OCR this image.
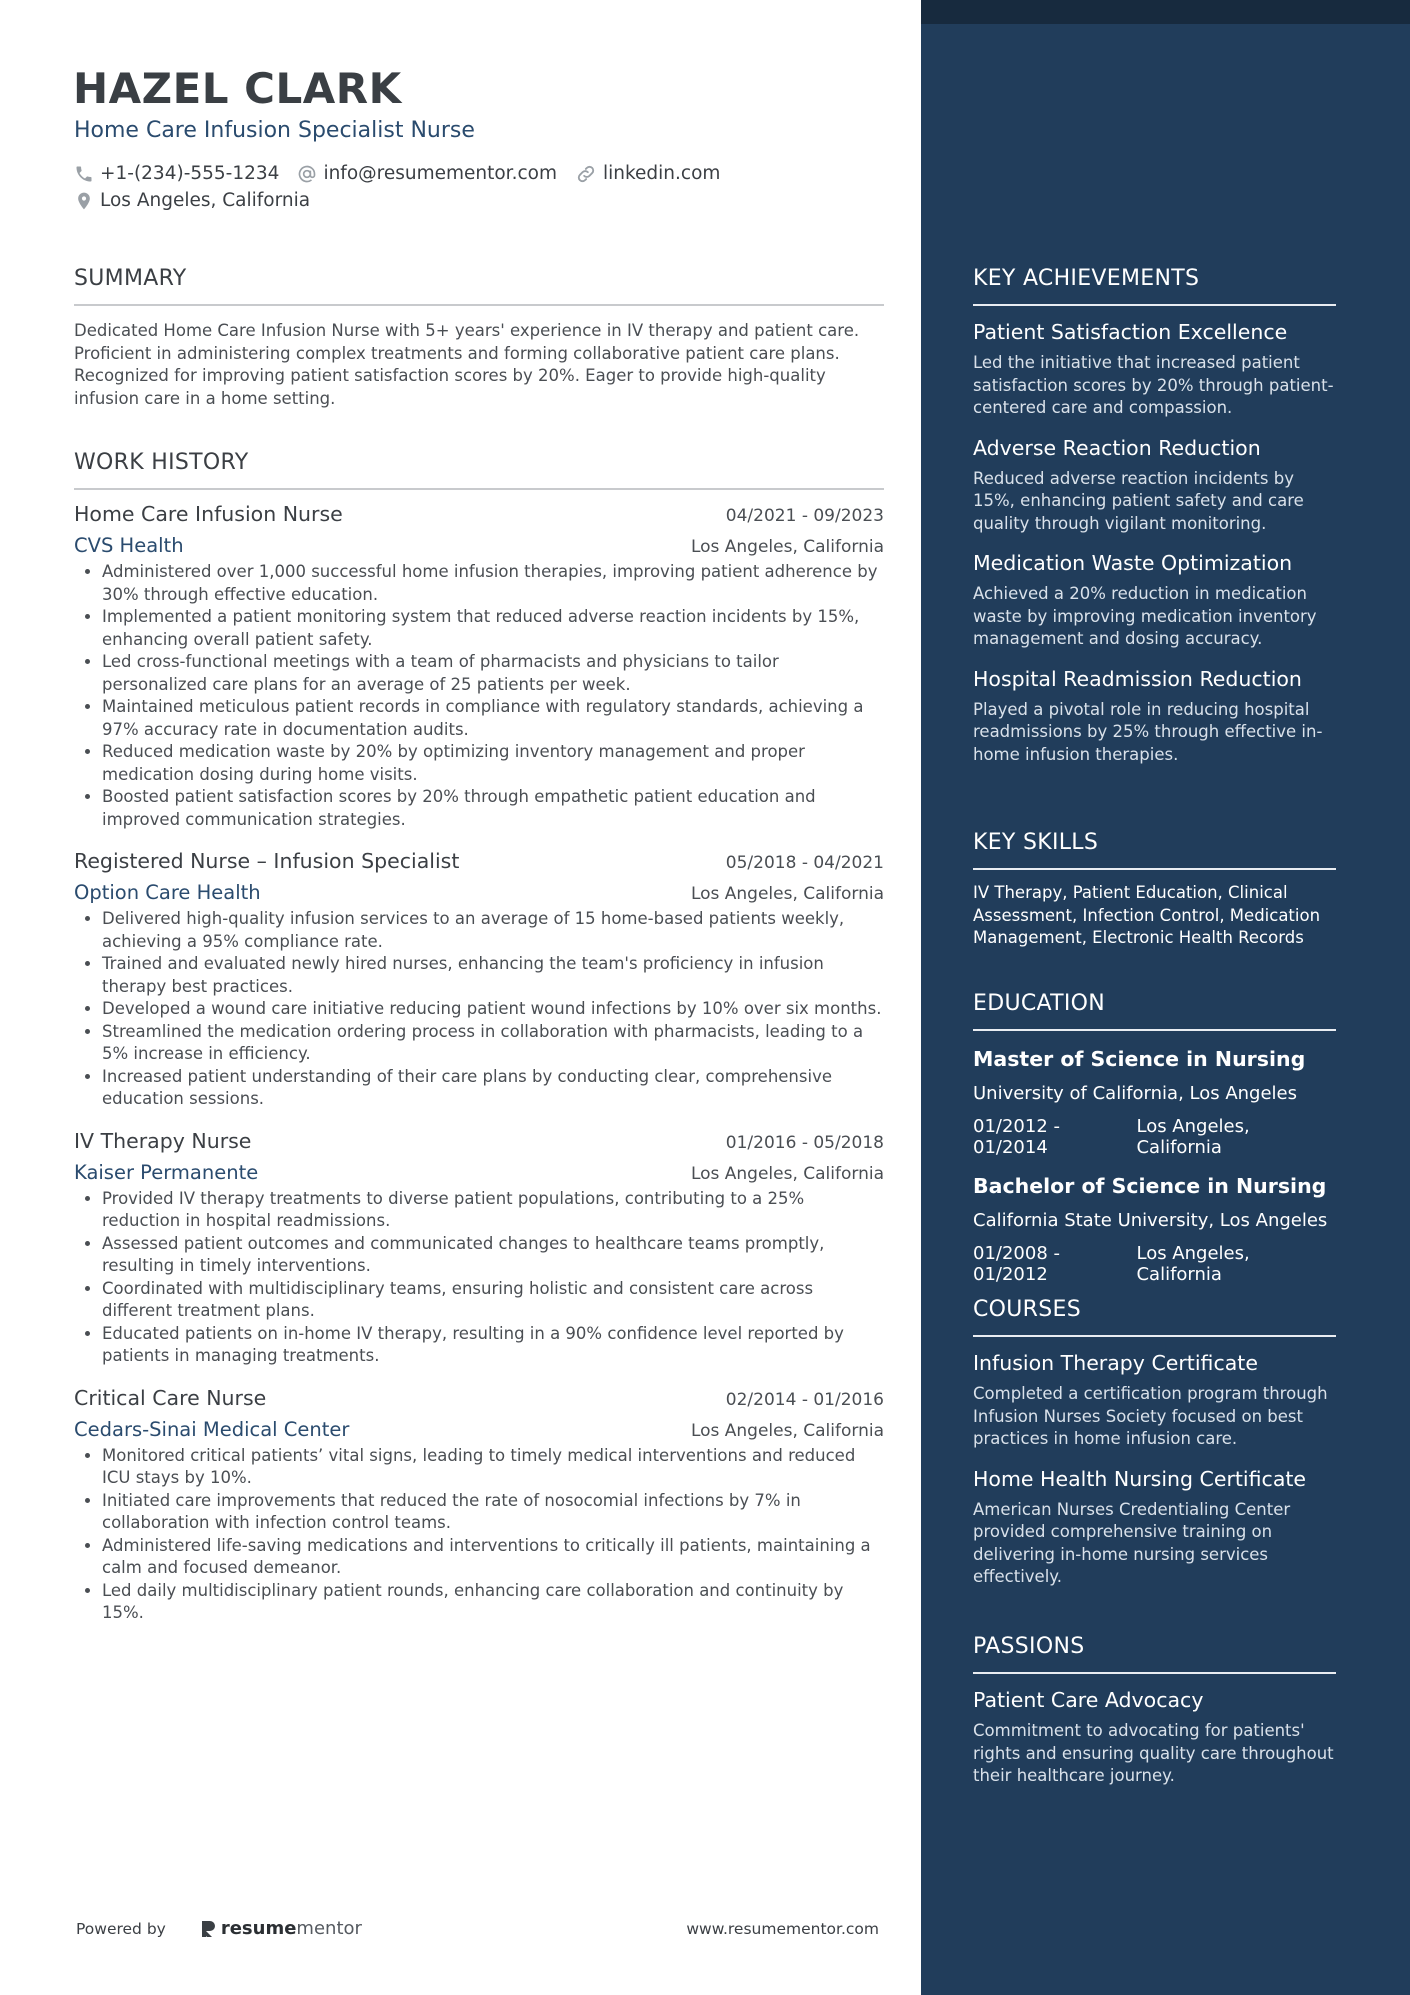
HAZEL CLARK
Home Care Infusion Specialist Nurse
+1-(234)-555-1234 info@resumementor.com linkedin.com
Los Angeles, California
SUMMARY

Dedicated Home Care Infusion Nurse with 5+ years' experience in IV therapy and patient care. Proficient in administering complex treatments and forming collaborative patient care plans. Recognized for improving patient satisfaction scores by 20%. Eager to provide high-quality infusion care in a home setting.

WORK HISTORY
Home Care Infusion Nurse	04/2021 - 09/2023
CVS Health	Los Angeles, California
• Administered over 1,000 successful home infusion therapies, improving patient adherence by 30% through effective education.
• Implemented a patient monitoring system that reduced adverse reaction incidents by 15%, enhancing overall patient safety.
• Led cross-functional meetings with a team of pharmacists and physicians to tailor personalized care plans for an average of 25 patients per week.
• Maintained meticulous patient records in compliance with regulatory standards, achieving a 97% accuracy rate in documentation audits.
• Reduced medication waste by 20% by optimizing inventory management and proper medication dosing during home visits.
• Boosted patient satisfaction scores by 20% through empathetic patient education and improved communication strategies.
Registered Nurse – Infusion Specialist	05/2018 - 04/2021
Option Care Health	Los Angeles, California
• Delivered high-quality infusion services to an average of 15 home-based patients weekly, achieving a 95% compliance rate.
• Trained and evaluated newly hired nurses, enhancing the team's proficiency in infusion therapy best practices.
• Developed a wound care initiative reducing patient wound infections by 10% over six months.
• Streamlined the medication ordering process in collaboration with pharmacists, leading to a 5% increase in efficiency.
• Increased patient understanding of their care plans by conducting clear, comprehensive education sessions.
IV Therapy Nurse	01/2016 - 05/2018
Kaiser Permanente	Los Angeles, California
• Provided IV therapy treatments to diverse patient populations, contributing to a 25% reduction in hospital readmissions.
• Assessed patient outcomes and communicated changes to healthcare teams promptly, resulting in timely interventions.
• Coordinated with multidisciplinary teams, ensuring holistic and consistent care across different treatment plans.
• Educated patients on in-home IV therapy, resulting in a 90% confidence level reported by patients in managing treatments.
Critical Care Nurse	02/2014 - 01/2016
Cedars-Sinai Medical Center	Los Angeles, California
• Monitored critical patients’ vital signs, leading to timely medical interventions and reduced ICU stays by 10%.
• Initiated care improvements that reduced the rate of nosocomial infections by 7% in collaboration with infection control teams.
• Administered life-saving medications and interventions to critically ill patients, maintaining a calm and focused demeanor.
• Led daily multidisciplinary patient rounds, enhancing care collaboration and continuity by 15%.
Powered by	resume mentor	www.resumementor.com
KEY ACHIEVEMENTS
Patient Satisfaction Excellence
Led the initiative that increased patient satisfaction scores by 20% through patient-centered care and compassion.
Adverse Reaction Reduction
Reduced adverse reaction incidents by 15%, enhancing patient safety and care quality through vigilant monitoring.
Medication Waste Optimization
Achieved a 20% reduction in medication waste by improving medication inventory management and dosing accuracy.
Hospital Readmission Reduction
Played a pivotal role in reducing hospital readmissions by 25% through effective in-home infusion therapies.
KEY SKILLS
IV Therapy, Patient Education, Clinical Assessment, Infection Control, Medication Management, Electronic Health Records
EDUCATION
Master of Science in Nursing
University of California, Los Angeles
01/2012 - 01/2014
Los Angeles, California
Bachelor of Science in Nursing
California State University, Los Angeles
01/2008 - 01/2012
Los Angeles, California
COURSES
Infusion Therapy Certificate
Completed a certification program through Infusion Nurses Society focused on best practices in home infusion care.
Home Health Nursing Certificate
American Nurses Credentialing Center provided comprehensive training on delivering in-home nursing services effectively.
PASSIONS
Patient Care Advocacy
Commitment to advocating for patients' rights and ensuring quality care throughout their healthcare journey.
